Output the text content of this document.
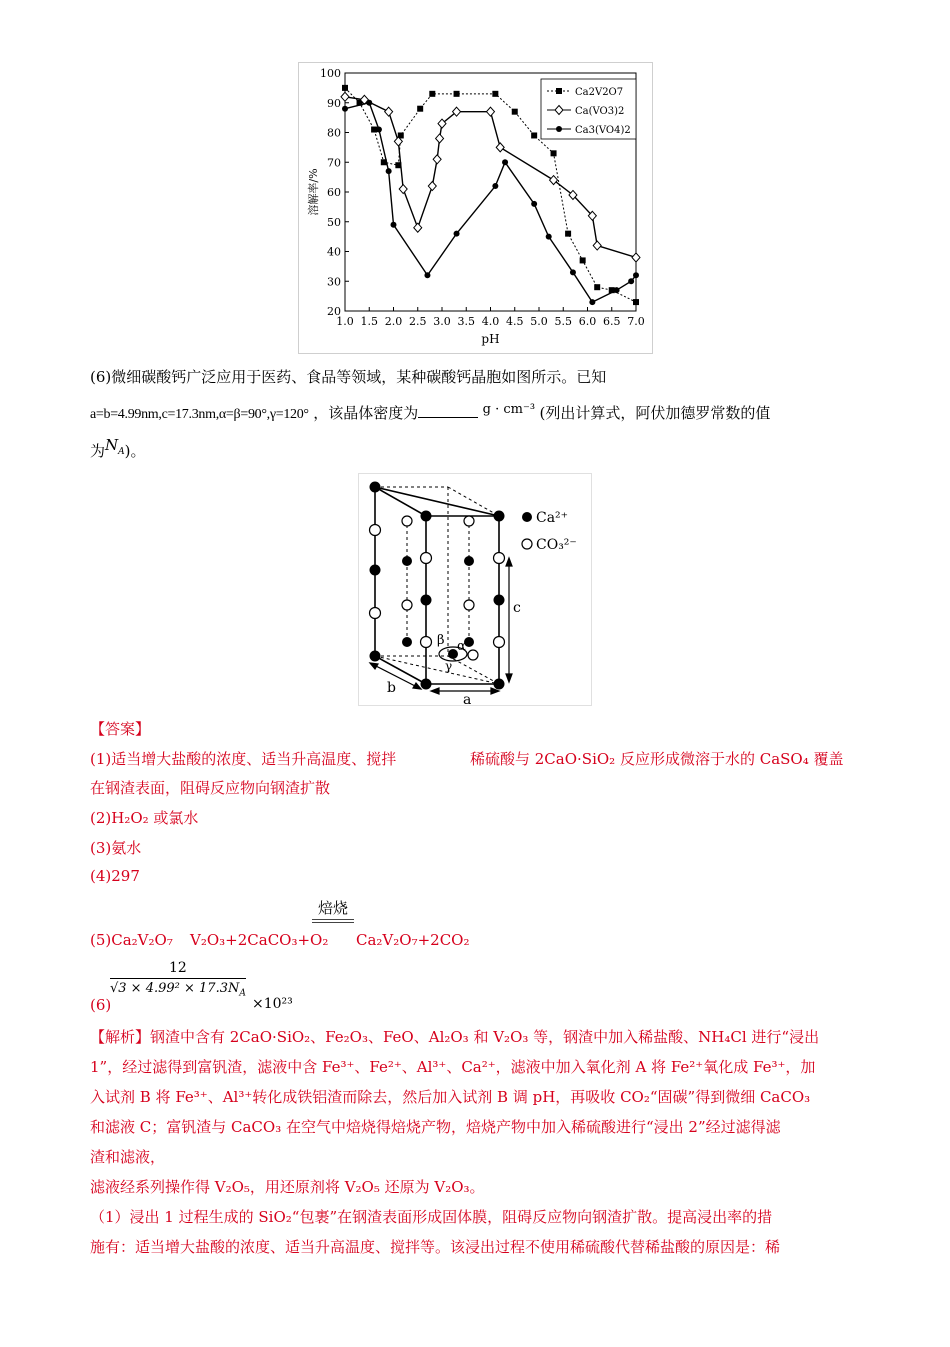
1.0 1.5 2.0 2.5 3.0 3.5 4.0 4.5 5.0 5.5 6.0 6.5 7.0
20
30
40
50
60
70
80
90
100
pH
溶解率/%
Ca2V2O7
Ca(VO3)2
Ca3(VO4)2
(6)微细碳酸钙广泛应用于医药、食品等领域，某种碳酸钙晶胞如图所示。已知
a=b=4.99nm,c=17.3nm,α=β=90°,γ=120° ，该晶体密度为	g · cm⁻³ (列出计算式，阿伏加德罗常数的值
为$N_A$)。
c
a
b
β α
γ
Ca²⁺
CO₃²⁻
【答案】
(1)适当增大盐酸的浓度、适当升高温度、搅拌	稀硫酸与 2CaO·SiO₂ 反应形成微溶于水的 CaSO₄ 覆盖
在钢渣表面，阻碍反应物向钢渣扩散
(2)H₂O₂ 或氯水
(3)氨水
(4)297
焙烧
(5)Ca₂V₂O₇ V₂O₃+2CaCO₃+O₂ Ca₂V₂O₇+2CO₂
(6)
$\frac{12}{√3 \times 4.99^2 \times 17.3N_A}$
×10²³
【解析】钢渣中含有 2CaO·SiO₂、Fe₂O₃、FeO、Al₂O₃ 和 V₂O₃ 等，钢渣中加入稀盐酸、NH₄Cl 进行“浸出
1”，经过滤得到富钒渣，滤液中含 Fe³⁺、Fe²⁺、Al³⁺、Ca²⁺，滤液中加入氧化剂 A 将 Fe²⁺氧化成 Fe³⁺，加
入试剂 B 将 Fe³⁺、Al³⁺转化成铁铝渣而除去，然后加入试剂 B 调 pH，再吸收 CO₂“固碳”得到微细 CaCO₃
和滤液 C；富钒渣与 CaCO₃ 在空气中焙烧得焙烧产物，焙烧产物中加入稀硫酸进行“浸出 2”经过滤得滤
渣和滤液，
滤液经系列操作得 V₂O₅，用还原剂将 V₂O₅ 还原为 V₂O₃。
（1）浸出 1 过程生成的 SiO₂“包裹”在钢渣表面形成固体膜，阻碍反应物向钢渣扩散。提高浸出率的措
施有：适当增大盐酸的浓度、适当升高温度、搅拌等。该浸出过程不使用稀硫酸代替稀盐酸的原因是：稀
